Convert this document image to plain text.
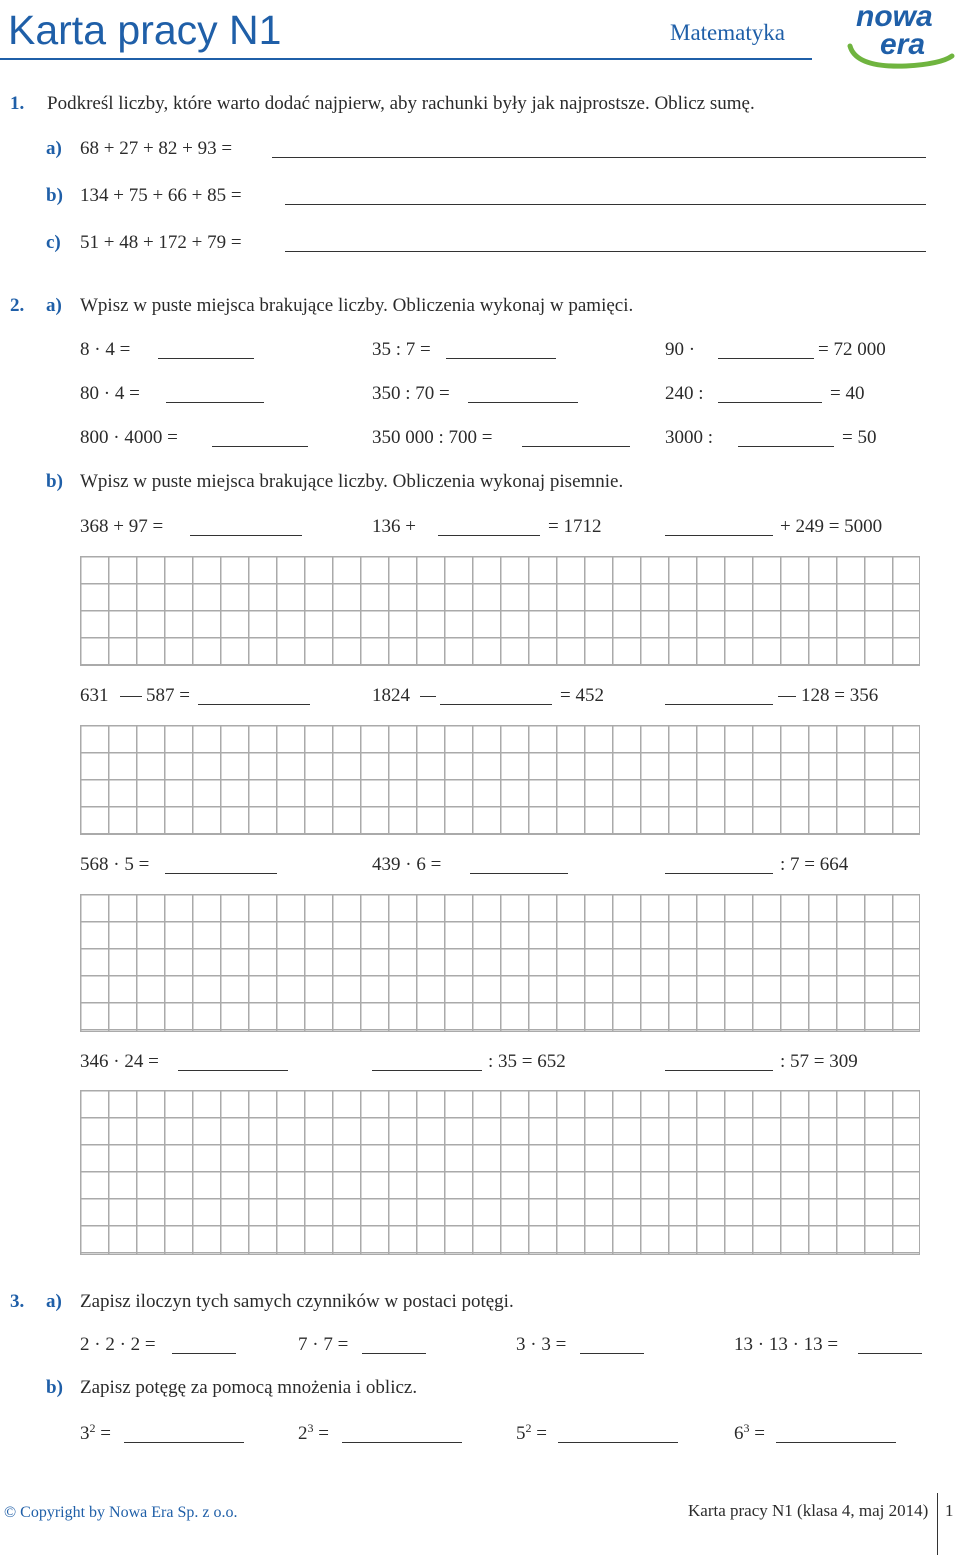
Karta pracy N1	Matematyka nowa
era
1. Podkreśl liczby, które warto dodać najpierw, aby rachunki były jak najprostsze. Oblicz sumę.
a) 68 + 27 + 82 + 93 =
b) 134 + 75 + 66 + 85 =
c) 51 + 48 + 172 + 79 =
2. a) Wpisz w puste miejsca brakujące liczby. Obliczenia wykonaj w pamięci.
8 · 4 =	35 : 7 =	90 ·	= 72 000
80 · 4 =	350 : 70 =	240 :	= 40
800 · 4000 =	350 000 : 700 =	3000 :	= 50
b) Wpisz w puste miejsca brakujące liczby. Obliczenia wykonaj pisemnie.
368 + 97 =	136 +	= 1712	+ 249 = 5000
631 587 =	1824	= 452	128 = 356
568 · 5 =	439 · 6 =	: 7 = 664
346 · 24 =	: 35 = 652	: 57 = 309
3. a) Zapisz iloczyn tych samych czynników w postaci potęgi.
2 · 2 · 2 =	7 · 7 =	3 · 3 =	13 · 13 · 13 =
b) Zapisz potęgę za pomocą mnożenia i oblicz.
$3^2$ =	$2^3$ =	$5^2$ =	$6^3$ =
© Copyright by Nowa Era Sp. z o.o.	Karta pracy N1 (klasa 4, maj 2014) 1
